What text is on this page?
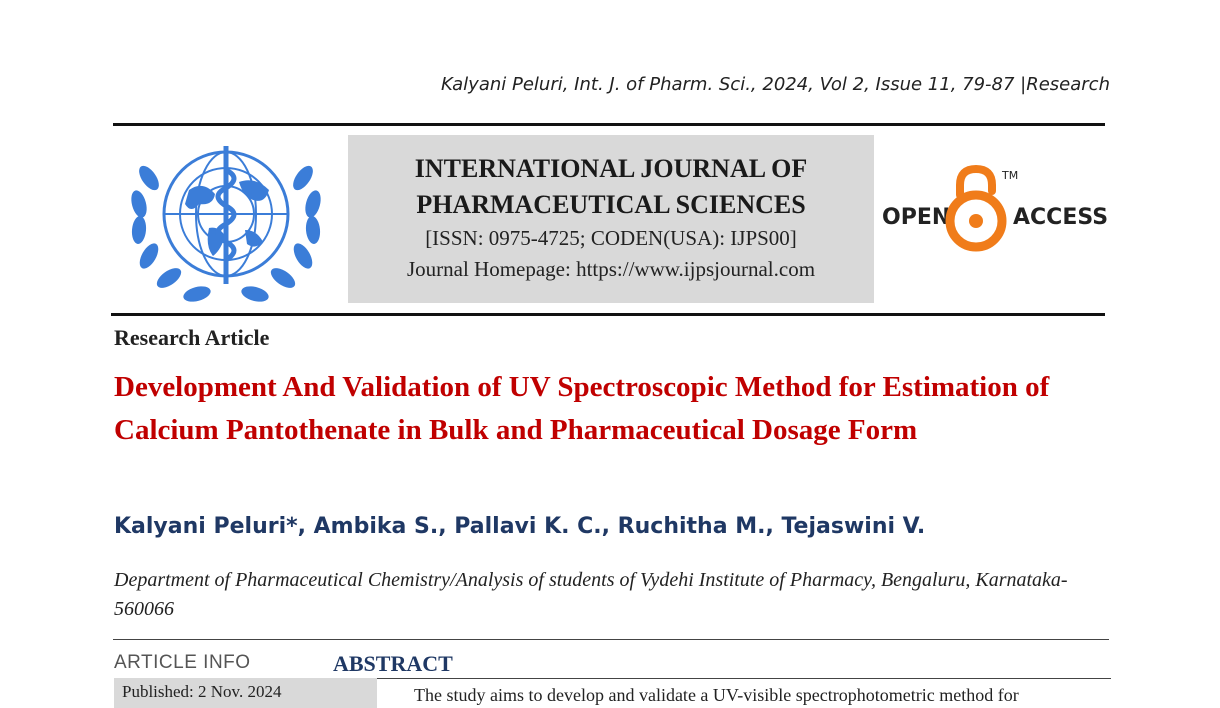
Kalyani Peluri, Int. J. of Pharm. Sci., 2024, Vol 2, Issue 11, 79-87 |Research
INTERNATIONAL JOURNAL OF
PHARMACEUTICAL SCIENCES
[ISSN: 0975-4725; CODEN(USA): IJPS00]
Journal Homepage: https://www.ijpsjournal.com
OPEN
TM
ACCESS
Research Article
Development And Validation of UV Spectroscopic Method for Estimation of Calcium Pantothenate in Bulk and Pharmaceutical Dosage Form
Kalyani Peluri*, Ambika S., Pallavi K. C., Ruchitha M., Tejaswini V.
Department of Pharmaceutical Chemistry/Analysis of students of Vydehi Institute of Pharmacy, Bengaluru, Karnataka-560066
ARTICLE INFO	ABSTRACT
Published: 2 Nov. 2024	The study aims to develop and validate a UV-visible spectrophotometric method for
